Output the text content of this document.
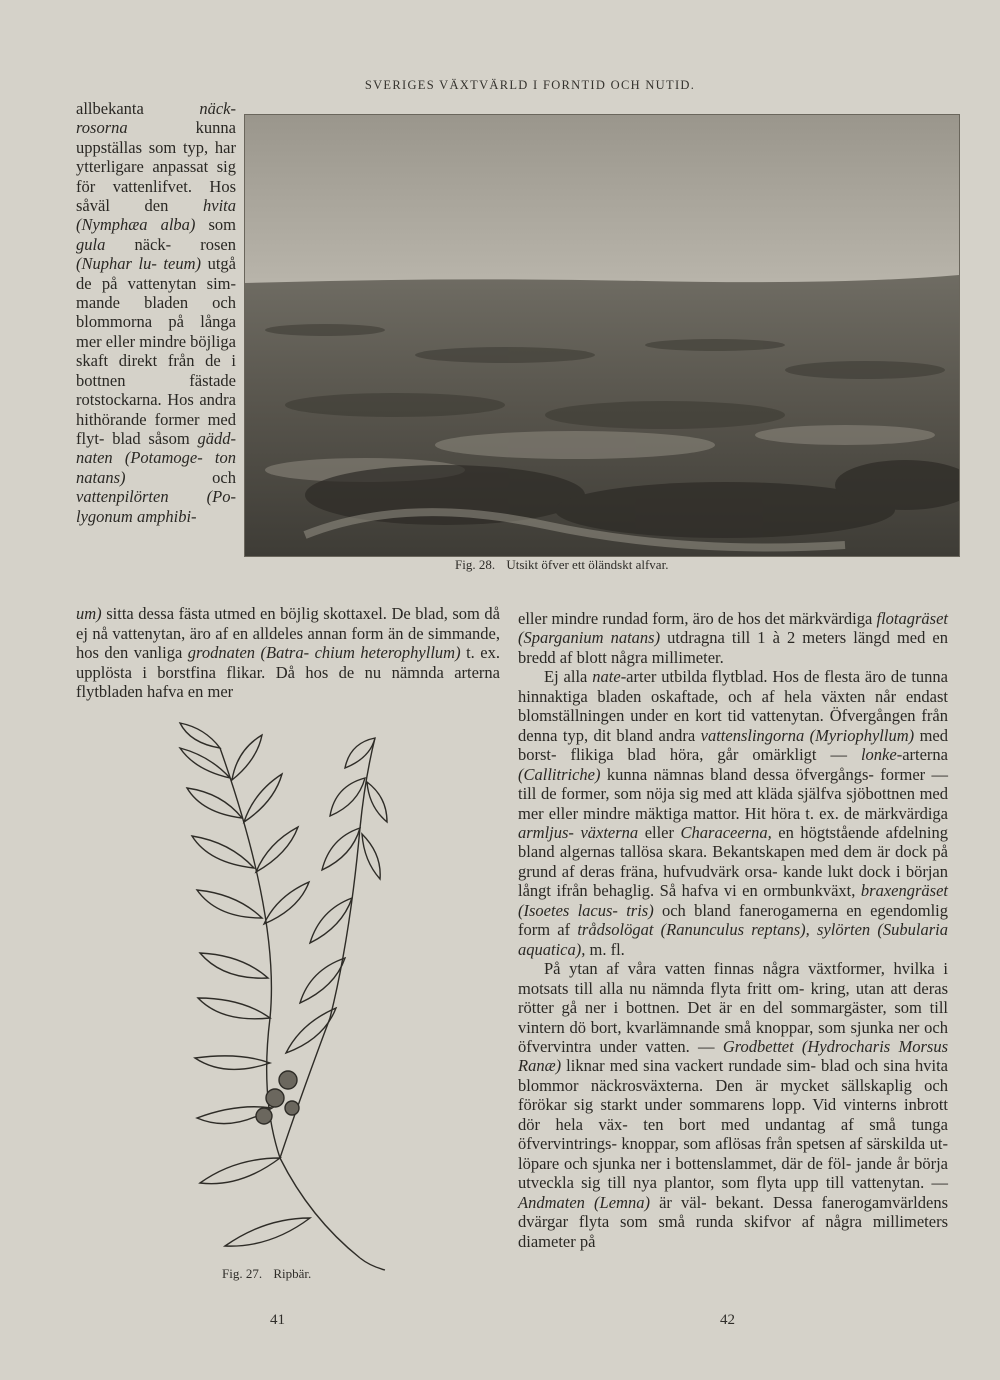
SVERIGES VÄXTVÄRLD I FORNTID OCH NUTID.
Fig. 28. Utsikt öfver ett öländskt alfvar.

allbekanta näck- rosorna kunna uppställas som typ, har ytterligare anpassat sig för vattenlifvet. Hos såväl den hvita (Nymphæa alba) som gula näck- rosen (Nuphar lu- teum) utgå de på vattenytan sim- mande bladen och blommorna på långa mer eller mindre böjliga skaft direkt från de i bottnen fästade rotstockarna. Hos andra hithörande former med flyt- blad såsom gädd- naten (Potamoge- ton natans) och vattenpilörten (Po- lygonum amphibi-

um) sitta dessa fästa utmed en böjlig skottaxel. De blad, som då ej nå vattenytan, äro af en alldeles annan form än de simmande, hos den vanliga grodnaten (Batra- chium heterophyllum) t. ex. upplösta i borstfina flikar. Då hos de nu nämnda arterna flytbladen hafva en mer

Fig. 27. Ripbär.

eller mindre rundad form, äro de hos det märkvärdiga flotagräset (Sparganium natans) utdragna till 1 à 2 meters längd med en bredd af blott några millimeter.

Ej alla nate-arter utbilda flytblad. Hos de flesta äro de tunna hinnaktiga bladen oskaftade, och af hela växten når endast blomställningen under en kort tid vattenytan. Öfvergången från denna typ, dit bland andra vattenslingorna (Myriophyllum) med borst- flikiga blad höra, går omärkligt — lonke-arterna (Callitriche) kunna nämnas bland dessa öfvergångs- former — till de former, som nöja sig med att kläda själfva sjöbottnen med mer eller mindre mäktiga mattor. Hit höra t. ex. de märkvärdiga armljus- växterna eller Characeerna, en högtstående afdelning bland algernas tallösa skara. Bekantskapen med dem är dock på grund af deras fräna, hufvudvärk orsa- kande lukt dock i början långt ifrån behaglig. Så hafva vi en ormbunkväxt, braxengräset (Isoetes lacus- tris) och bland fanerogamerna en egendomlig form af trådsolögat (Ranunculus reptans), sylörten (Subularia aquatica), m. fl.

På ytan af våra vatten finnas några växtformer, hvilka i motsats till alla nu nämnda flyta fritt om- kring, utan att deras rötter gå ner i bottnen. Det är en del sommargäster, som till vintern dö bort, kvarlämnande små knoppar, som sjunka ner och öfvervintra under vatten. — Grodbettet (Hydrocharis Morsus Ranæ) liknar med sina vackert rundade sim- blad och sina hvita blommor näckrosväxterna. Den är mycket sällskaplig och förökar sig starkt under sommarens lopp. Vid vinterns inbrott dör hela väx- ten bort med undantag af små tunga öfvervintrings- knoppar, som aflösas från spetsen af särskilda ut- löpare och sjunka ner i bottenslammet, där de föl- jande år börja utveckla sig till nya plantor, som flyta upp till vattenytan. — Andmaten (Lemna) är väl- bekant. Dessa fanerogamvärldens dvärgar flyta som små runda skifvor af några millimeters diameter på

41	42
